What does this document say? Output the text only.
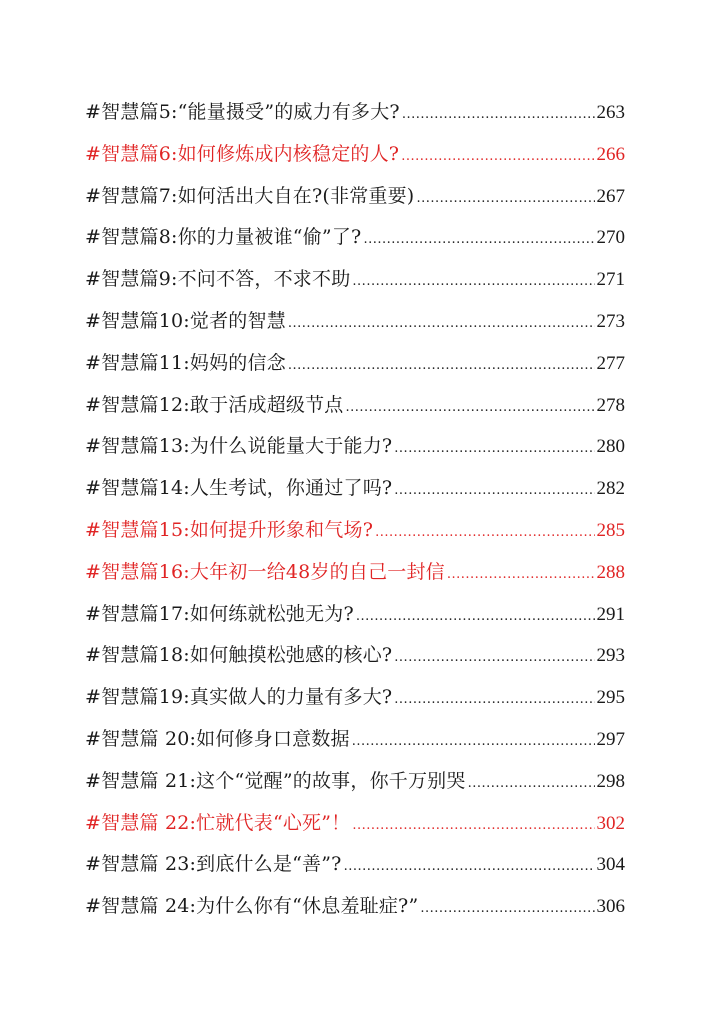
#智慧篇5:“能量摄受”的威力有多大? .....	263
#智慧篇6:如何修炼成内核稳定的人? .....	266
#智慧篇7:如何活出大自在?(非常重要) .....	267
#智慧篇8:你的力量被谁“偷”了? .....	270
#智慧篇9:不问不答，不求不助 .....	271
#智慧篇10:觉者的智慧 .....	273
#智慧篇11:妈妈的信念 .....	277
#智慧篇12:敢于活成超级节点 .....	278
#智慧篇13:为什么说能量大于能力? .....	280
#智慧篇14:人生考试，你通过了吗? .....	282
#智慧篇15:如何提升形象和气场? .....	285
#智慧篇16:大年初一给48岁的自己一封信 .....	288
#智慧篇17:如何练就松弛无为? .....	291
#智慧篇18:如何触摸松弛感的核心? .....	293
#智慧篇19:真实做人的力量有多大? .....	295
#智慧篇 20:如何修身口意数据 .....	297
#智慧篇 21:这个“觉醒”的故事，你千万别哭 .....	298
#智慧篇 22:忙就代表“心死”！ .....	302
#智慧篇 23:到底什么是“善”? .....	304
#智慧篇 24:为什么你有“休息羞耻症?” .....	306
